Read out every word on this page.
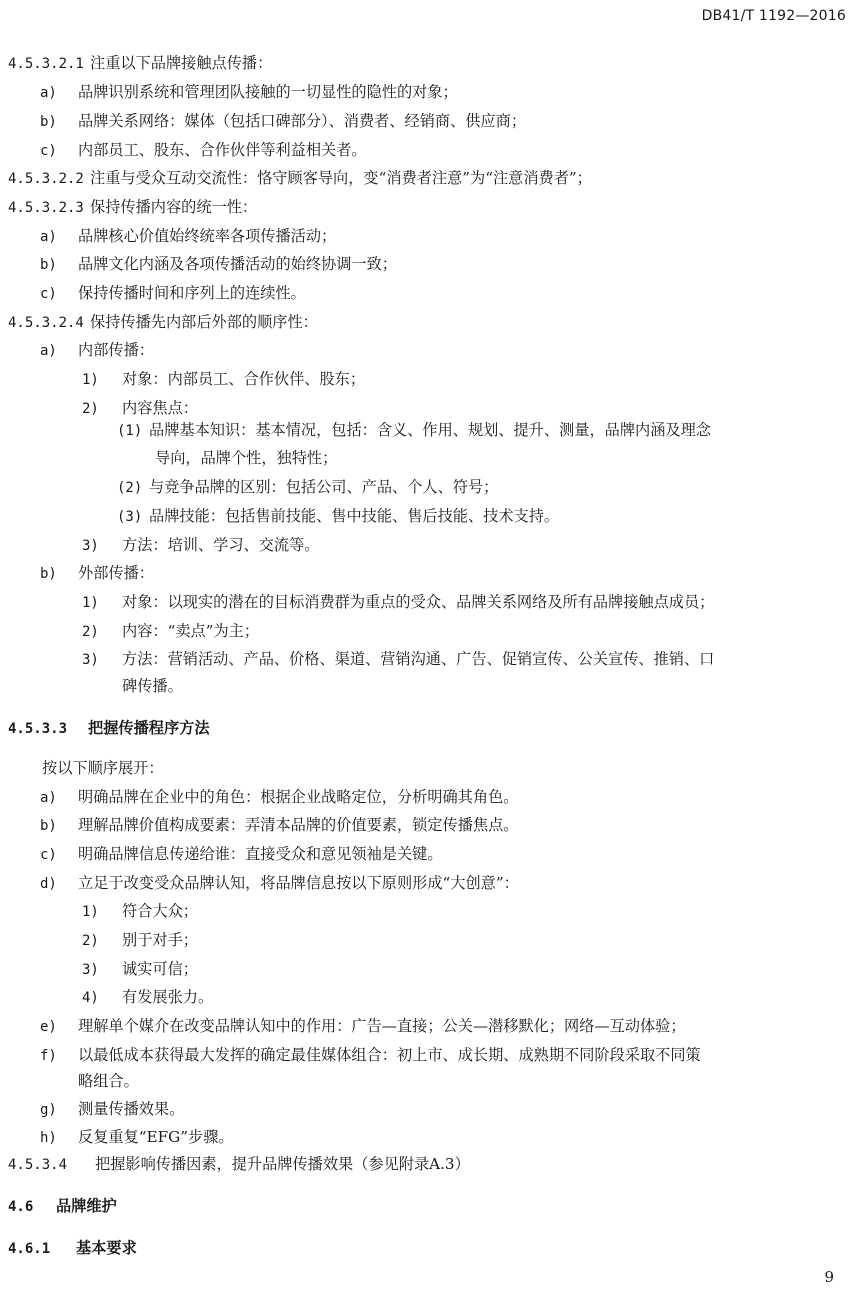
DB41/T 1192—2016
4.5.3.2.1 注重以下品牌接触点传播：
a) 品牌识别系统和管理团队接触的一切显性的隐性的对象；
b) 品牌关系网络：媒体（包括口碑部分）、消费者、经销商、供应商；
c) 内部员工、股东、合作伙伴等利益相关者。
4.5.3.2.2 注重与受众互动交流性：恪守顾客导向，变“消费者注意”为“注意消费者”；
4.5.3.2.3 保持传播内容的统一性：
a) 品牌核心价值始终统率各项传播活动；
b) 品牌文化内涵及各项传播活动的始终协调一致；
c) 保持传播时间和序列上的连续性。
4.5.3.2.4 保持传播先内部后外部的顺序性：
a) 内部传播：
1) 对象：内部员工、合作伙伴、股东；
2) 内容焦点：
(1) 品牌基本知识：基本情况，包括：含义、作用、规划、提升、测量，品牌内涵及理念
导向，品牌个性，独特性；
(2) 与竞争品牌的区别：包括公司、产品、个人、符号；
(3) 品牌技能：包括售前技能、售中技能、售后技能、技术支持。
3) 方法：培训、学习、交流等。
b) 外部传播：
1) 对象：以现实的潜在的目标消费群为重点的受众、品牌关系网络及所有品牌接触点成员；
2) 内容：“卖点”为主；
3) 方法：营销活动、产品、价格、渠道、营销沟通、广告、促销宣传、公关宣传、推销、口
碑传播。
4.5.3.3 把握传播程序方法
按以下顺序展开：
a) 明确品牌在企业中的角色：根据企业战略定位，分析明确其角色。
b) 理解品牌价值构成要素：弄清本品牌的价值要素，锁定传播焦点。
c) 明确品牌信息传递给谁：直接受众和意见领袖是关键。
d) 立足于改变受众品牌认知，将品牌信息按以下原则形成“大创意”：
1) 符合大众；
2) 别于对手；
3) 诚实可信；
4) 有发展张力。
e) 理解单个媒介在改变品牌认知中的作用：广告—直接；公关—潜移默化；网络—互动体验；
f) 以最低成本获得最大发挥的确定最佳媒体组合：初上市、成长期、成熟期不同阶段采取不同策
略组合。
g) 测量传播效果。
h) 反复重复“EFG”步骤。
4.5.3.4 把握影响传播因素，提升品牌传播效果（参见附录A.3）
4.6 品牌维护
4.6.1 基本要求
9
